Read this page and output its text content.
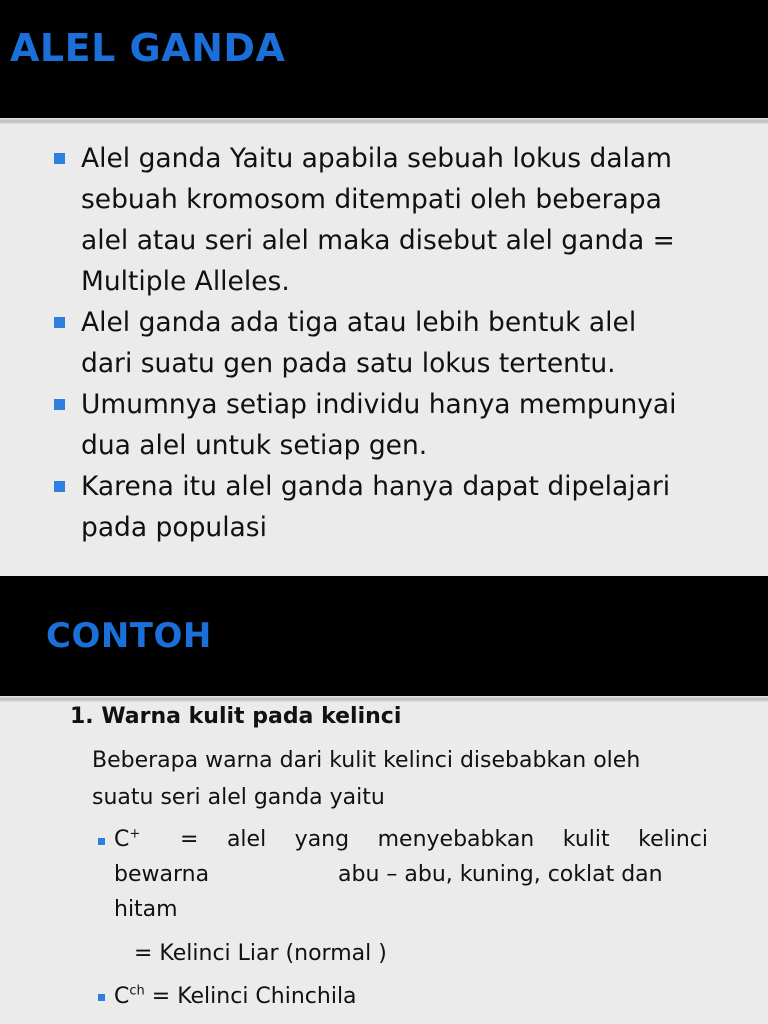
ALEL GANDA

Alel ganda Yaitu apabila sebuah lokus dalam
sebuah kromosom ditempati oleh beberapa
alel atau seri alel maka disebut alel ganda =
Multiple Alleles.

Alel ganda ada tiga atau lebih bentuk alel
dari suatu gen pada satu lokus tertentu.

Umumnya setiap individu hanya mempunyai
dua alel untuk setiap gen.

Karena itu alel ganda hanya dapat dipelajari
pada populasi

CONTOH

1. Warna kulit pada kelinci

Beberapa warna dari kulit kelinci disebabkan oleh
suatu seri alel ganda yaitu

C+ = alel yang menyebabkan kulit kelinci

bewarna	abu – abu, kuning, coklat dan

hitam

= Kelinci Liar (normal )

$C^{ch}$ = Kelinci Chinchila
